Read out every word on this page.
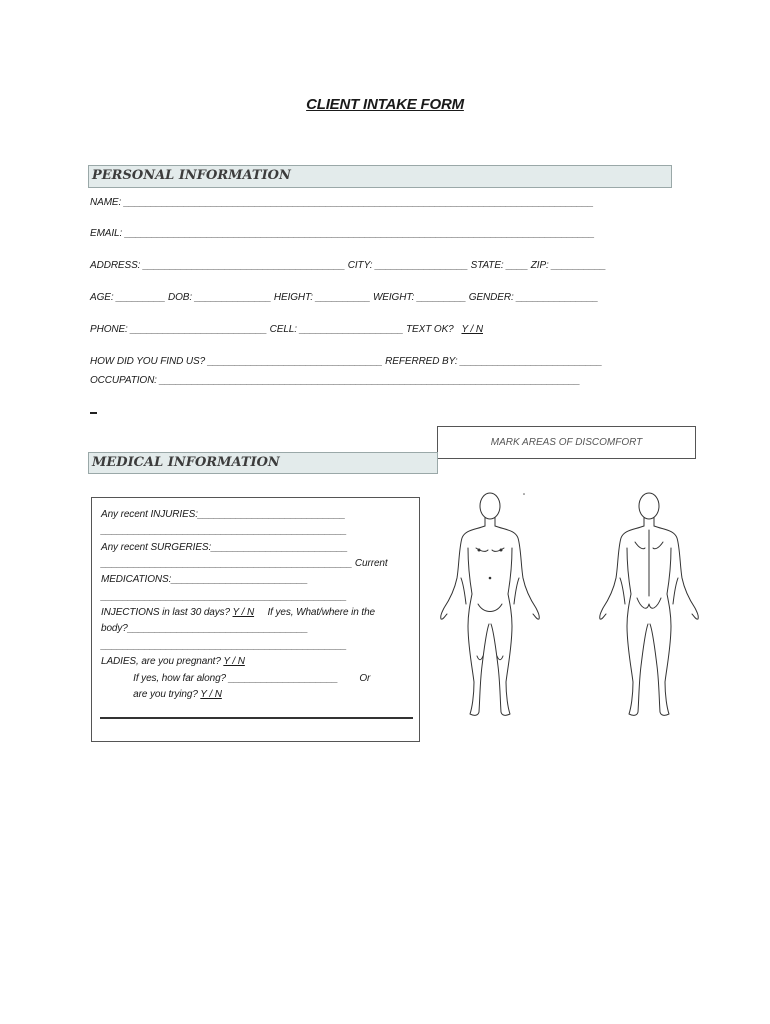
CLIENT INTAKE FORM
PERSONAL INFORMATION
NAME: ______________________________________________________________________________________
EMAIL: ______________________________________________________________________________________
ADDRESS: _____________________________________ CITY: _________________ STATE: ____ ZIP: __________
AGE: _________ DOB: ______________ HEIGHT: __________ WEIGHT: _________ GENDER: _______________
PHONE: _________________________ CELL: ___________________ TEXT OK?   Y / N
HOW DID YOU FIND US? ________________________________ REFERRED BY: __________________________
OCCUPATION: _____________________________________________________________________________
MARK AREAS OF DISCOMFORT
MEDICAL INFORMATION
Any recent INJURIES:___________________________
_____________________________________________
Any recent SURGERIES:_________________________
______________________________________________ Current
MEDICATIONS:_________________________
_____________________________________________
INJECTIONS in last 30 days? Y / N     If yes, What/where in the
body?_________________________________
_____________________________________________
LADIES, are you pregnant? Y / N
If yes, how far along? ____________________        Or
are you trying? Y / N
